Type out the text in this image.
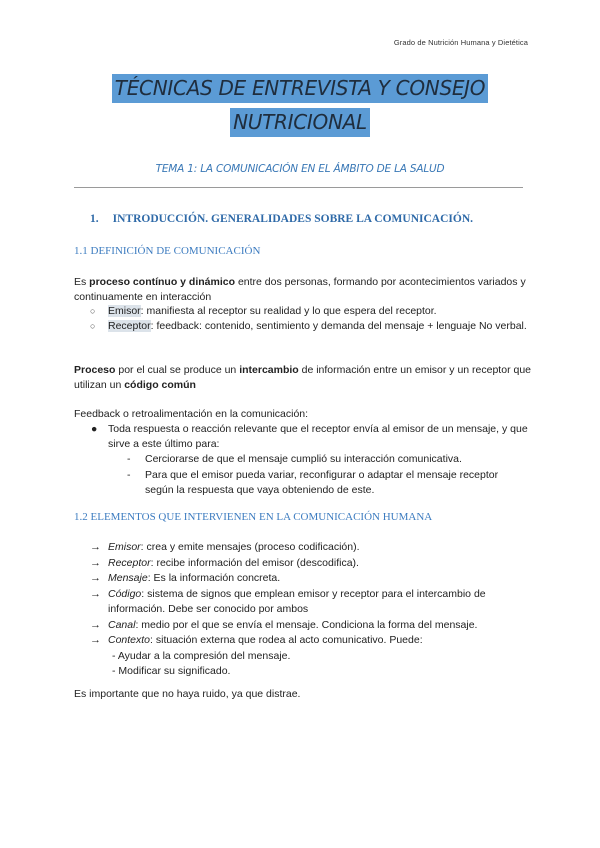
Grado de Nutrición Humana y Dietética
TÉCNICAS DE ENTREVISTA Y CONSEJO
NUTRICIONAL
TEMA 1: LA COMUNICACIÓN EN EL ÁMBITO DE LA SALUD
1. INTRODUCCIÓN. GENERALIDADES SOBRE LA COMUNICACIÓN.
1.1 DEFINICIÓN DE COMUNICACIÓN
Es proceso contínuo y dinámico entre dos personas, formando por acontecimientos variados y continuamente en interacción
○ Emisor: manifiesta al receptor su realidad y lo que espera del receptor.
○ Receptor: feedback: contenido, sentimiento y demanda del mensaje + lenguaje No verbal.
Proceso por el cual se produce un intercambio de información entre un emisor y un receptor que utilizan un código común
Feedback o retroalimentación en la comunicación:
● Toda respuesta o reacción relevante que el receptor envía al emisor de un mensaje, y que sirve a este último para:
- Cerciorarse de que el mensaje cumplió su interacción comunicativa.
- Para que el emisor pueda variar, reconfigurar o adaptar el mensaje receptor según la respuesta que vaya obteniendo de este.
1.2 ELEMENTOS QUE INTERVIENEN EN LA COMUNICACIÓN HUMANA
→ Emisor: crea y emite mensajes (proceso codificación).
→ Receptor: recibe información del emisor (descodifica).
→ Mensaje: Es la información concreta.
→ Código: sistema de signos que emplean emisor y receptor para el intercambio de información. Debe ser conocido por ambos
→ Canal: medio por el que se envía el mensaje. Condiciona la forma del mensaje.
→ Contexto: situación externa que rodea al acto comunicativo. Puede:
- Ayudar a la compresión del mensaje.
- Modificar su significado.
Es importante que no haya ruido, ya que distrae.
